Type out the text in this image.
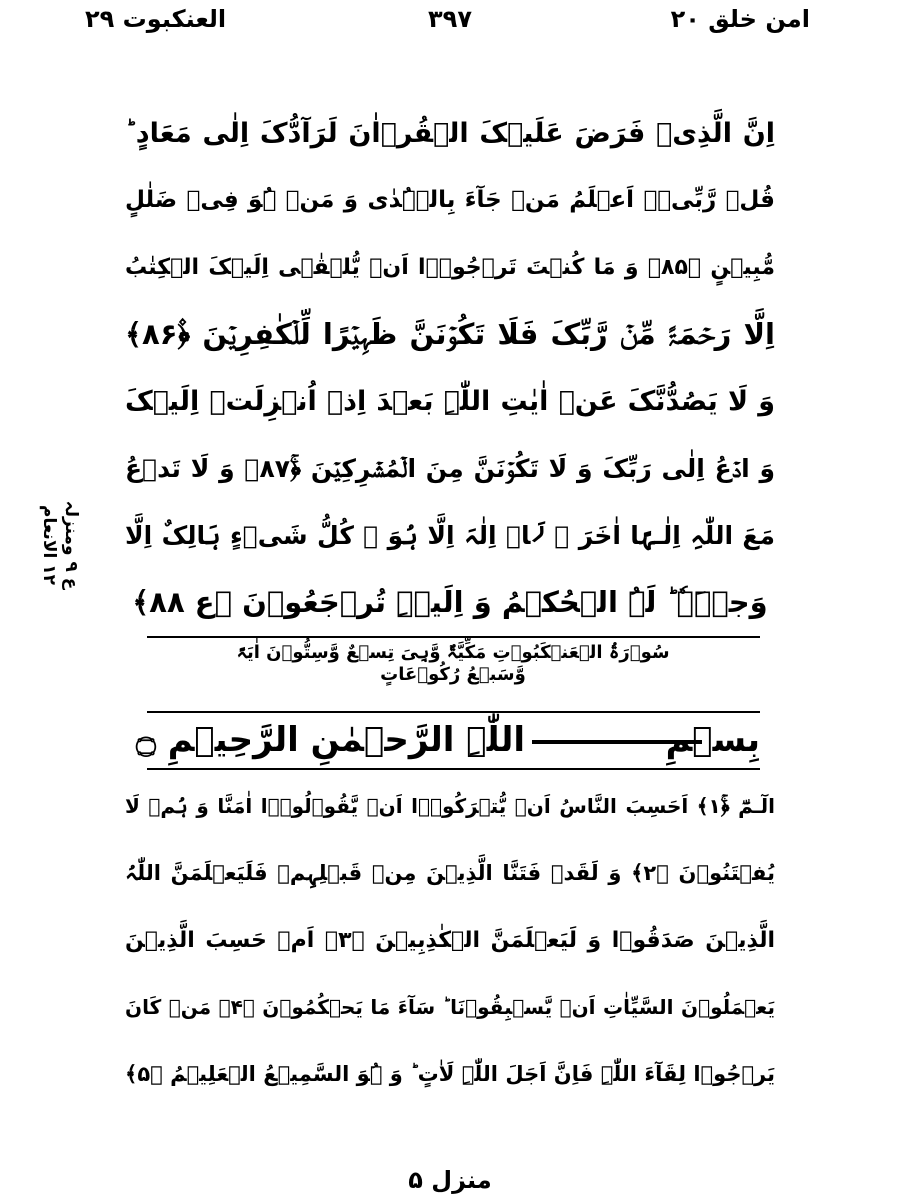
امن خلق ٢٠
٣٩٧
العنكبوت ٢٩
ع ۹ ومنزلہ
۱۲ الانعام
اِنَّ الَّذِیۡ فَرَضَ عَلَیۡکَ الۡقُرۡاٰنَ لَرَآدُّکَ اِلٰی مَعَادٍ ؕ
قُلۡ رَّبِّیۡۤ اَعۡلَمُ مَنۡ جَآءَ بِالۡہُدٰی وَ مَنۡ ہُوَ فِیۡ ضَلٰلٍ
مُّبِیۡنٍ ﴿۸۵﴾ وَ مَا کُنۡتَ تَرۡجُوۡۤا اَنۡ یُّلۡقٰۤی اِلَیۡکَ الۡکِتٰبُ
اِلَّا رَحۡمَۃً مِّنۡ رَّبِّکَ فَلَا تَکُوۡنَنَّ ظَہِیۡرًا لِّلۡکٰفِرِیۡنَ ﴿۫۸۶﴾
وَ لَا یَصُدُّنَّکَ عَنۡ اٰیٰتِ اللّٰہِ بَعۡدَ اِذۡ اُنۡزِلَتۡ اِلَیۡکَ
وَ ادۡعُ اِلٰی رَبِّکَ وَ لَا تَکُوۡنَنَّ مِنَ الۡمُشۡرِکِیۡنَ ﴿ۚ۸۷﴾ وَ لَا تَدۡعُ
مَعَ اللّٰہِ اِلٰـہًا اٰخَرَ ۘ لَاۤ اِلٰہَ اِلَّا ہُوَ ۟ کُلُّ شَیۡءٍ ہَالِکٌ اِلَّا
وَجۡہَہٗ ؕ لَہُ الۡحُکۡمُ وَ اِلَیۡہِ تُرۡجَعُوۡنَ ﴿ع ۸۸﴾
سُوۡرَۃُ الۡعَنۡکَبُوۡتِ مَکِّیَّۃٌ وَّہِیَ تِسۡعٌ وَّسِتُّوۡنَ اٰیَۃً
وَّسَبۡعُ رُکُوۡعَاتٍ
بِسۡمِ
اللّٰہِ الرَّحۡمٰنِ الرَّحِیۡمِ ۝
الٓـمّٓ ﴿ۚ۱﴾ اَحَسِبَ النَّاسُ اَنۡ یُّتۡرَکُوۡۤا اَنۡ یَّقُوۡلُوۡۤا اٰمَنَّا وَ ہُمۡ لَا
یُفۡتَنُوۡنَ ﴿۲﴾ وَ لَقَدۡ فَتَنَّا الَّذِیۡنَ مِنۡ قَبۡلِہِمۡ فَلَیَعۡلَمَنَّ اللّٰہُ
الَّذِیۡنَ صَدَقُوۡا وَ لَیَعۡلَمَنَّ الۡکٰذِبِیۡنَ ﴿۳﴾ اَمۡ حَسِبَ الَّذِیۡنَ
یَعۡمَلُوۡنَ السَّیِّاٰتِ اَنۡ یَّسۡبِقُوۡنَا ؕ سَآءَ مَا یَحۡکُمُوۡنَ ﴿۴﴾ مَنۡ کَانَ
یَرۡجُوۡا لِقَآءَ اللّٰہِ فَاِنَّ اَجَلَ اللّٰہِ لَاٰتٍ ؕ وَ ہُوَ السَّمِیۡعُ الۡعَلِیۡمُ ﴿۵﴾
منزل ۵
